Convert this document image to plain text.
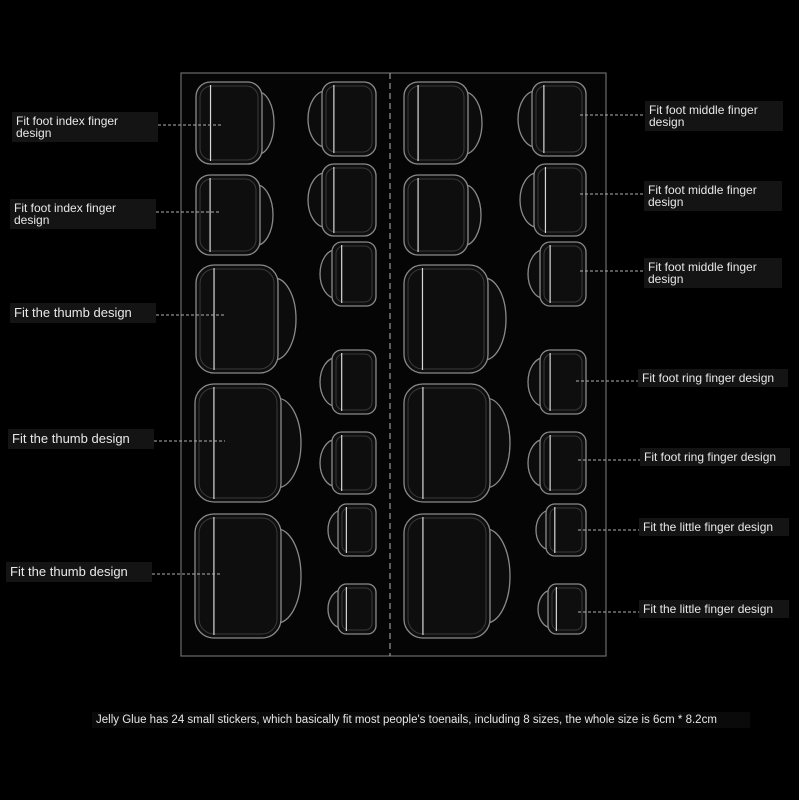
Fit foot index finger design
Fit foot index finger design
Fit the thumb design
Fit the thumb design
Fit the thumb design
Fit foot middle finger design
Fit foot middle finger design
Fit foot middle finger design
Fit foot ring finger design
Fit foot ring finger design
Fit the little finger design
Fit the little finger design
Jelly Glue has 24 small stickers, which basically fit most people's toenails, including 8 sizes, the whole size is 6cm * 8.2cm
